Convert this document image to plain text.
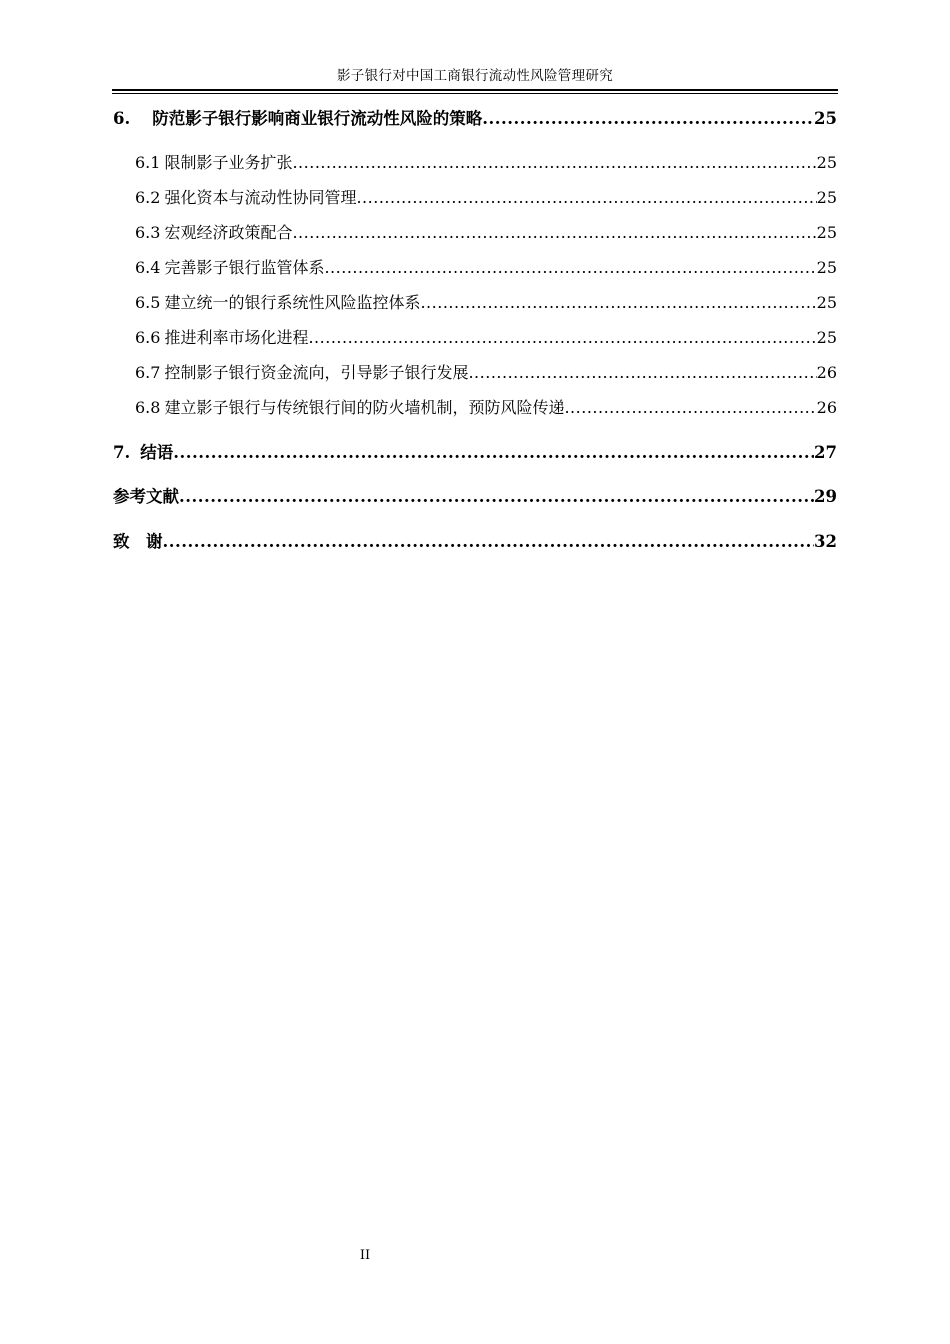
影子银行对中国工商银行流动性风险管理研究
6. 防范影子银行影响商业银行流动性风险的策略 .....	25
6.1 限制影子业务扩张 .....	25
6.2 强化资本与流动性协同管理 .....	25
6.3 宏观经济政策配合 .....	25
6.4 完善影子银行监管体系 .....	25
6.5 建立统一的银行系统性风险监控体系 .....	25
6.6 推进利率市场化进程 .....	25
6.7 控制影子银行资金流向，引导影子银行发展 .....	26
6.8 建立影子银行与传统银行间的防火墙机制，预防风险传递 .....	26
7. 结语 .....	27
参考文献 .....	29
致　谢 .....	32
II
